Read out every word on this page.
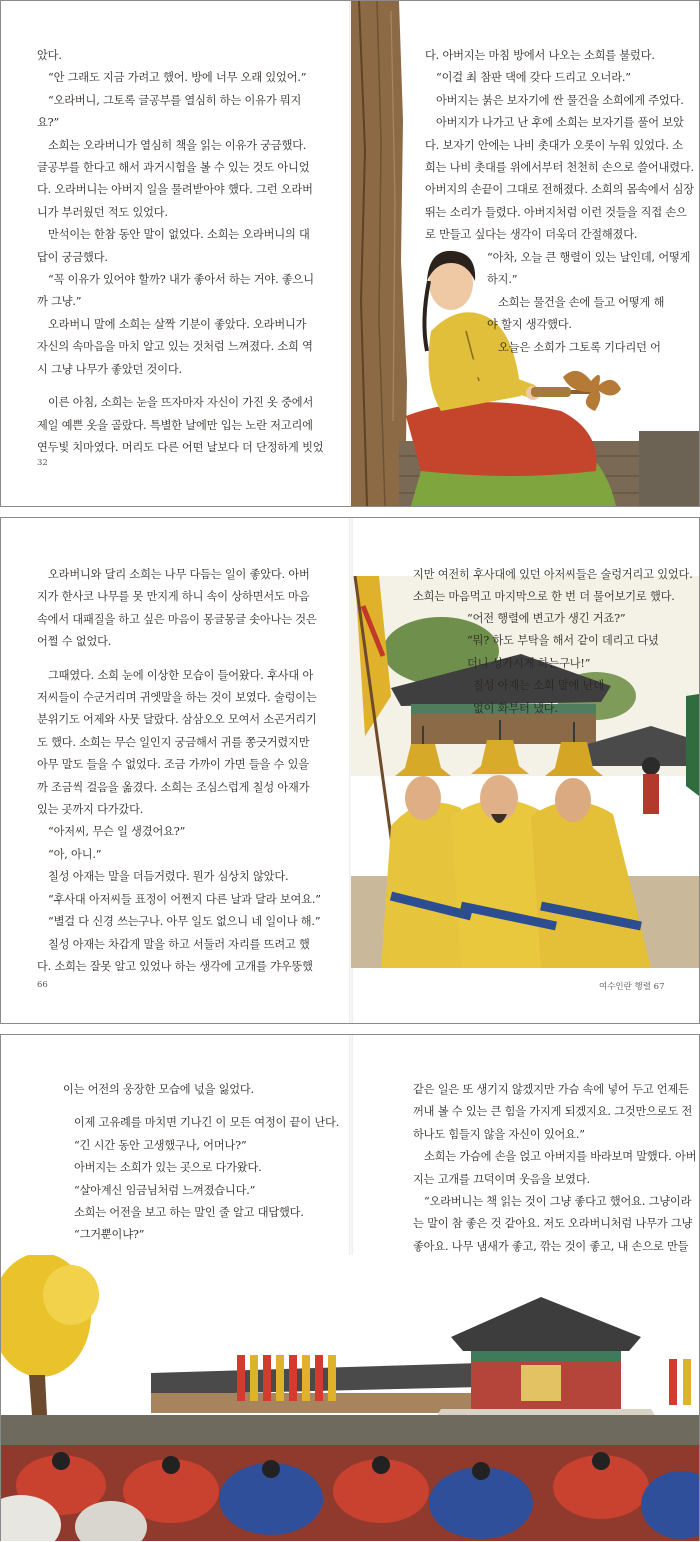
았다.

“안 그래도 지금 가려고 했어. 방에 너무 오래 있었어.”

“오라버니, 그토록 글공부를 열심히 하는 이유가 뭐지

요?”

소희는 오라버니가 열심히 책을 읽는 이유가 궁금했다.

글공부를 한다고 해서 과거시험을 볼 수 있는 것도 아니었

다. 오라버니는 아버지 일을 물려받아야 했다. 그런 오라버

니가 부러웠던 적도 있었다.

만석이는 한참 동안 말이 없었다. 소희는 오라버니의 대

답이 궁금했다.

“꼭 이유가 있어야 할까? 내가 좋아서 하는 거야. 좋으니

까 그냥.”

오라버니 말에 소희는 살짝 기분이 좋았다. 오라버니가

자신의 속마음을 마치 알고 있는 것처럼 느껴졌다. 소희 역

시 그냥 나무가 좋았던 것이다.

이른 아침, 소희는 눈을 뜨자마자 자신이 가진 옷 중에서

제일 예쁜 옷을 골랐다. 특별한 날에만 입는 노란 저고리에

연두빛 치마였다. 머리도 다른 어떤 날보다 더 단정하게 빗었

32

다. 아버지는 마침 방에서 나오는 소희를 불렀다.

“이걸 최 참판 댁에 갖다 드리고 오너라.”

아버지는 붉은 보자기에 싼 물건을 소희에게 주었다.

아버지가 나가고 난 후에 소희는 보자기를 풀어 보았

다. 보자기 안에는 나비 촛대가 오롯이 누워 있었다. 소

희는 나비 촛대를 위에서부터 천천히 손으로 쓸어내렸다.

아버지의 손끝이 그대로 전해졌다. 소희의 몸속에서 심장

뛰는 소리가 들렸다. 아버지처럼 이런 것들을 직접 손으

로 만들고 싶다는 생각이 더욱더 간절해졌다.

“아차, 오늘 큰 행렬이 있는 날인데, 어떻게

하지.”

소희는 물건을 손에 들고 어떻게 해

야 할지 생각했다.

오늘은 소희가 그토록 기다리던 어

오라버니와 달리 소희는 나무 다듬는 일이 좋았다. 아버

지가 한사코 나무를 못 만지게 하니 속이 상하면서도 마음

속에서 대패질을 하고 싶은 마음이 몽글몽글 솟아나는 것은

어쩔 수 없었다.

그때였다. 소희 눈에 이상한 모습이 들어왔다. 후사대 아

저씨들이 수군거리며 귀엣말을 하는 것이 보였다. 술렁이는

분위기도 어제와 사뭇 달랐다. 삼삼오오 모여서 소곤거리기

도 했다. 소희는 무슨 일인지 궁금해서 귀를 쫑긋거렸지만

아무 말도 들을 수 없었다. 조금 가까이 가면 들을 수 있을

까 조금씩 걸음을 옮겼다. 소희는 조심스럽게 칠성 아재가

있는 곳까지 다가갔다.

“아저씨, 무슨 일 생겼어요?”

“아, 아니.”

칠성 아재는 말을 더듬거렸다. 뭔가 심상치 않았다.

“후사대 아저씨들 표정이 어쩐지 다른 날과 달라 보여요.”

“별걸 다 신경 쓰는구나. 아무 일도 없으니 네 일이나 해.”

칠성 아재는 차갑게 말을 하고 서둘러 자리를 뜨려고 했

다. 소희는 잘못 알고 있었나 하는 생각에 고개를 갸우뚱했

66

지만 여전히 후사대에 있던 아저씨들은 술렁거리고 있었다.

소희는 마음먹고 마지막으로 한 번 더 물어보기로 했다.

“어전 행렬에 변고가 생긴 거죠?”

“뭐? 하도 부탁을 해서 같이 데리고 다녔

더니 성가시게 하는구나!”

칠성 아재는 소희 말에 난데

없이 화부터 냈다.

여수인란 행렬 67

이는 어전의 웅장한 모습에 넋을 잃었다.

이제 고유례를 마치면 기나긴 이 모든 여정이 끝이 난다.

“긴 시간 동안 고생했구나, 어머나?”

아버지는 소희가 있는 곳으로 다가왔다.

“살아계신 임금님처럼 느껴졌습니다.”

소희는 어전을 보고 하는 말인 줄 알고 대답했다.

“그거뿐이냐?”

같은 일은 또 생기지 않겠지만 가슴 속에 넣어 두고 언제든

꺼내 볼 수 있는 큰 힘을 가지게 되겠지요. 그것만으로도 전

하나도 힘들지 않을 자신이 있어요.”

소희는 가슴에 손을 얹고 아버지를 바라보며 말했다. 아버

지는 고개를 끄덕이며 웃음을 보였다.

“오라버니는 책 읽는 것이 그냥 좋다고 했어요. 그냥이라

는 말이 참 좋은 것 같아요. 저도 오라버니처럼 나무가 그냥

좋아요. 나무 냄새가 좋고, 깎는 것이 좋고, 내 손으로 만들
